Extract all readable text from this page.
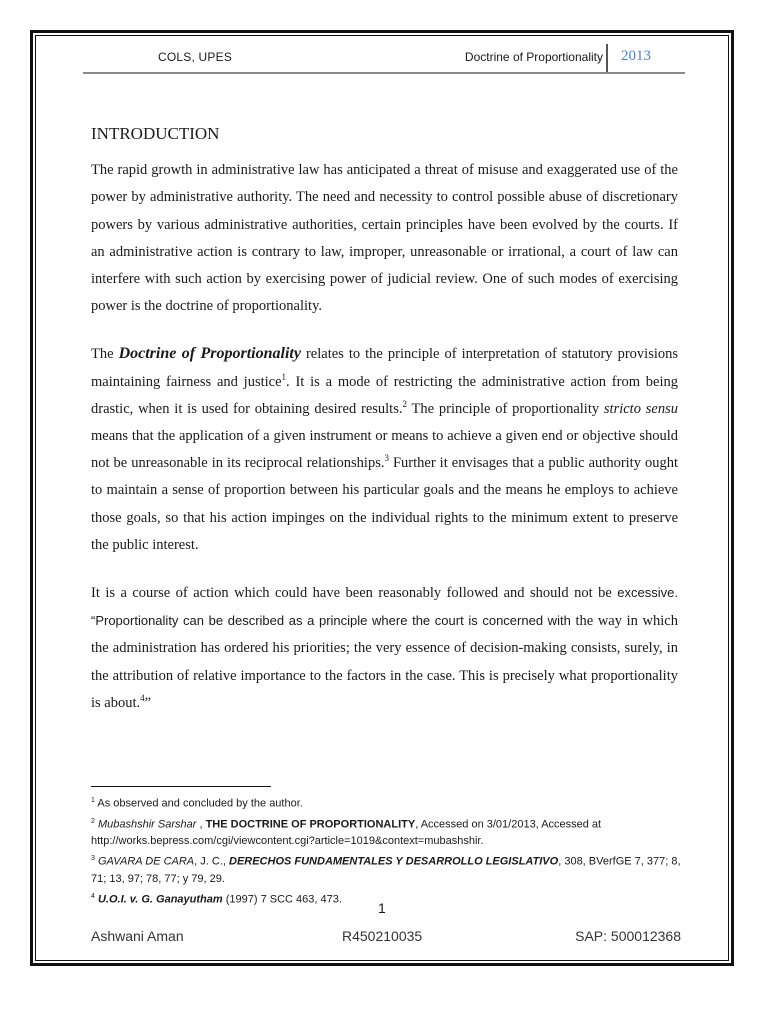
COLS, UPES	Doctrine of Proportionality 2013
INTRODUCTION

The rapid growth in administrative law has anticipated a threat of misuse and exaggerated use of the power by administrative authority. The need and necessity to control possible abuse of discretionary powers by various administrative authorities, certain principles have been evolved by the courts. If an administrative action is contrary to law, improper, unreasonable or irrational, a court of law can interfere with such action by exercising power of judicial review. One of such modes of exercising power is the doctrine of proportionality.

The Doctrine of Proportionality relates to the principle of interpretation of statutory provisions maintaining fairness and justice$^1$. It is a mode of restricting the administrative action from being drastic, when it is used for obtaining desired results.$^2$ The principle of proportionality stricto sensu means that the application of a given instrument or means to achieve a given end or objective should not be unreasonable in its reciprocal relationships.$^3$ Further it envisages that a public authority ought to maintain a sense of proportion between his particular goals and the means he employs to achieve those goals, so that his action impinges on the individual rights to the minimum extent to preserve the public interest.

It is a course of action which could have been reasonably followed and should not be excessive. “Proportionality can be described as a principle where the court is concerned with the way in which the administration has ordered his priorities; the very essence of decision-making consists, surely, in the attribution of relative importance to the factors in the case. This is precisely what proportionality is about.$^4$”

$^1$ As observed and concluded by the author.

$^2$ Mubashshir Sarshar , THE DOCTRINE OF PROPORTIONALITY, Accessed on 3/01/2013, Accessed at http://works.bepress.com/cgi/viewcontent.cgi?article=1019&context=mubashshir.

$^3$ GAVARA DE CARA, J. C., DERECHOS FUNDAMENTALES Y DESARROLLO LEGISLATIVO, 308, BVerfGE 7, 377; 8, 71; 13, 97; 78, 77; y 79, 29.

$^4$ U.O.I. v. G. Ganayutham (1997) 7 SCC 463, 473.

1
Ashwani Aman	R450210035	SAP: 500012368
